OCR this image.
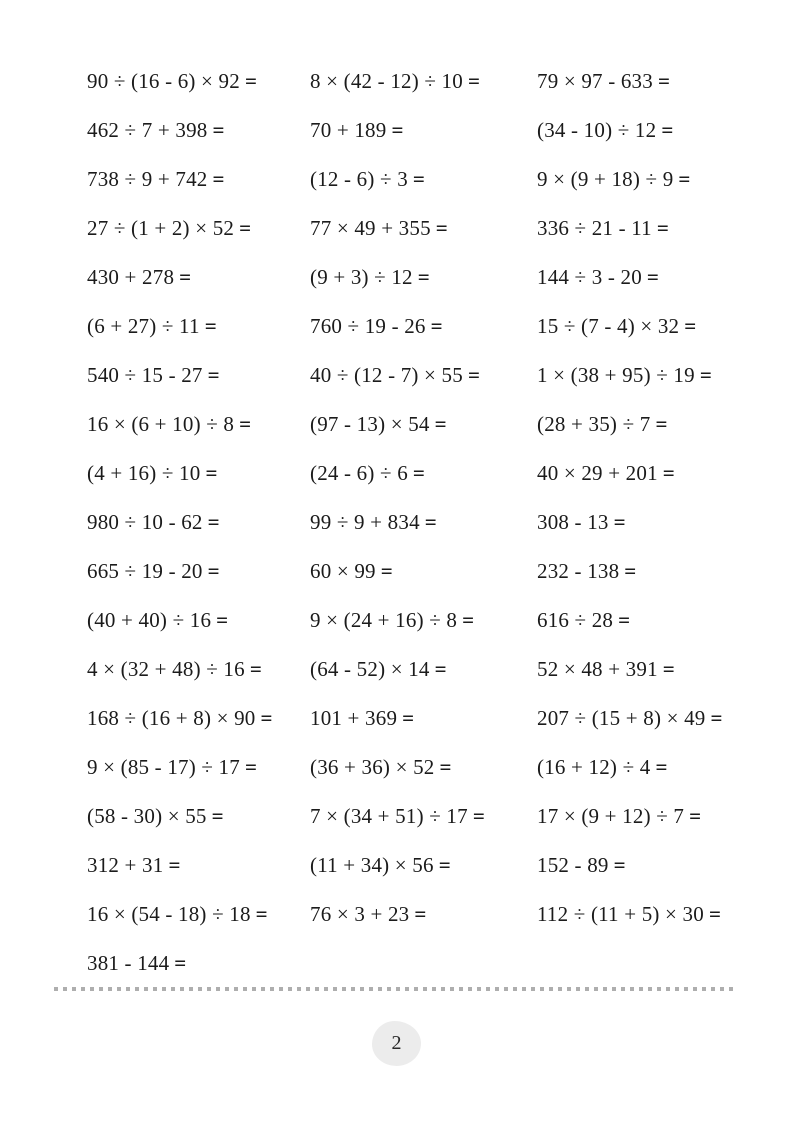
90 ÷ (16 - 6) × 92 =
462 ÷ 7 + 398 =
738 ÷ 9 + 742 =
27 ÷ (1 + 2) × 52 =
430 + 278 =
(6 + 27) ÷ 11 =
540 ÷ 15 - 27 =
16 × (6 + 10) ÷ 8 =
(4 + 16) ÷ 10 =
980 ÷ 10 - 62 =
665 ÷ 19 - 20 =
(40 + 40) ÷ 16 =
4 × (32 + 48) ÷ 16 =
168 ÷ (16 + 8) × 90 =
9 × (85 - 17) ÷ 17 =
(58 - 30) × 55 =
312 + 31 =
16 × (54 - 18) ÷ 18 =
381 - 144 =
8 × (42 - 12) ÷ 10 =
70 + 189 =
(12 - 6) ÷ 3 =
77 × 49 + 355 =
(9 + 3) ÷ 12 =
760 ÷ 19 - 26 =
40 ÷ (12 - 7) × 55 =
(97 - 13) × 54 =
(24 - 6) ÷ 6 =
99 ÷ 9 + 834 =
60 × 99 =
9 × (24 + 16) ÷ 8 =
(64 - 52) × 14 =
101 + 369 =
(36 + 36) × 52 =
7 × (34 + 51) ÷ 17 =
(11 + 34) × 56 =
76 × 3 + 23 =
79 × 97 - 633 =
(34 - 10) ÷ 12 =
9 × (9 + 18) ÷ 9 =
336 ÷ 21 - 11 =
144 ÷ 3 - 20 =
15 ÷ (7 - 4) × 32 =
1 × (38 + 95) ÷ 19 =
(28 + 35) ÷ 7 =
40 × 29 + 201 =
308 - 13 =
232 - 138 =
616 ÷ 28 =
52 × 48 + 391 =
207 ÷ (15 + 8) × 49 =
(16 + 12) ÷ 4 =
17 × (9 + 12) ÷ 7 =
152 - 89 =
112 ÷ (11 + 5) × 30 =
2
